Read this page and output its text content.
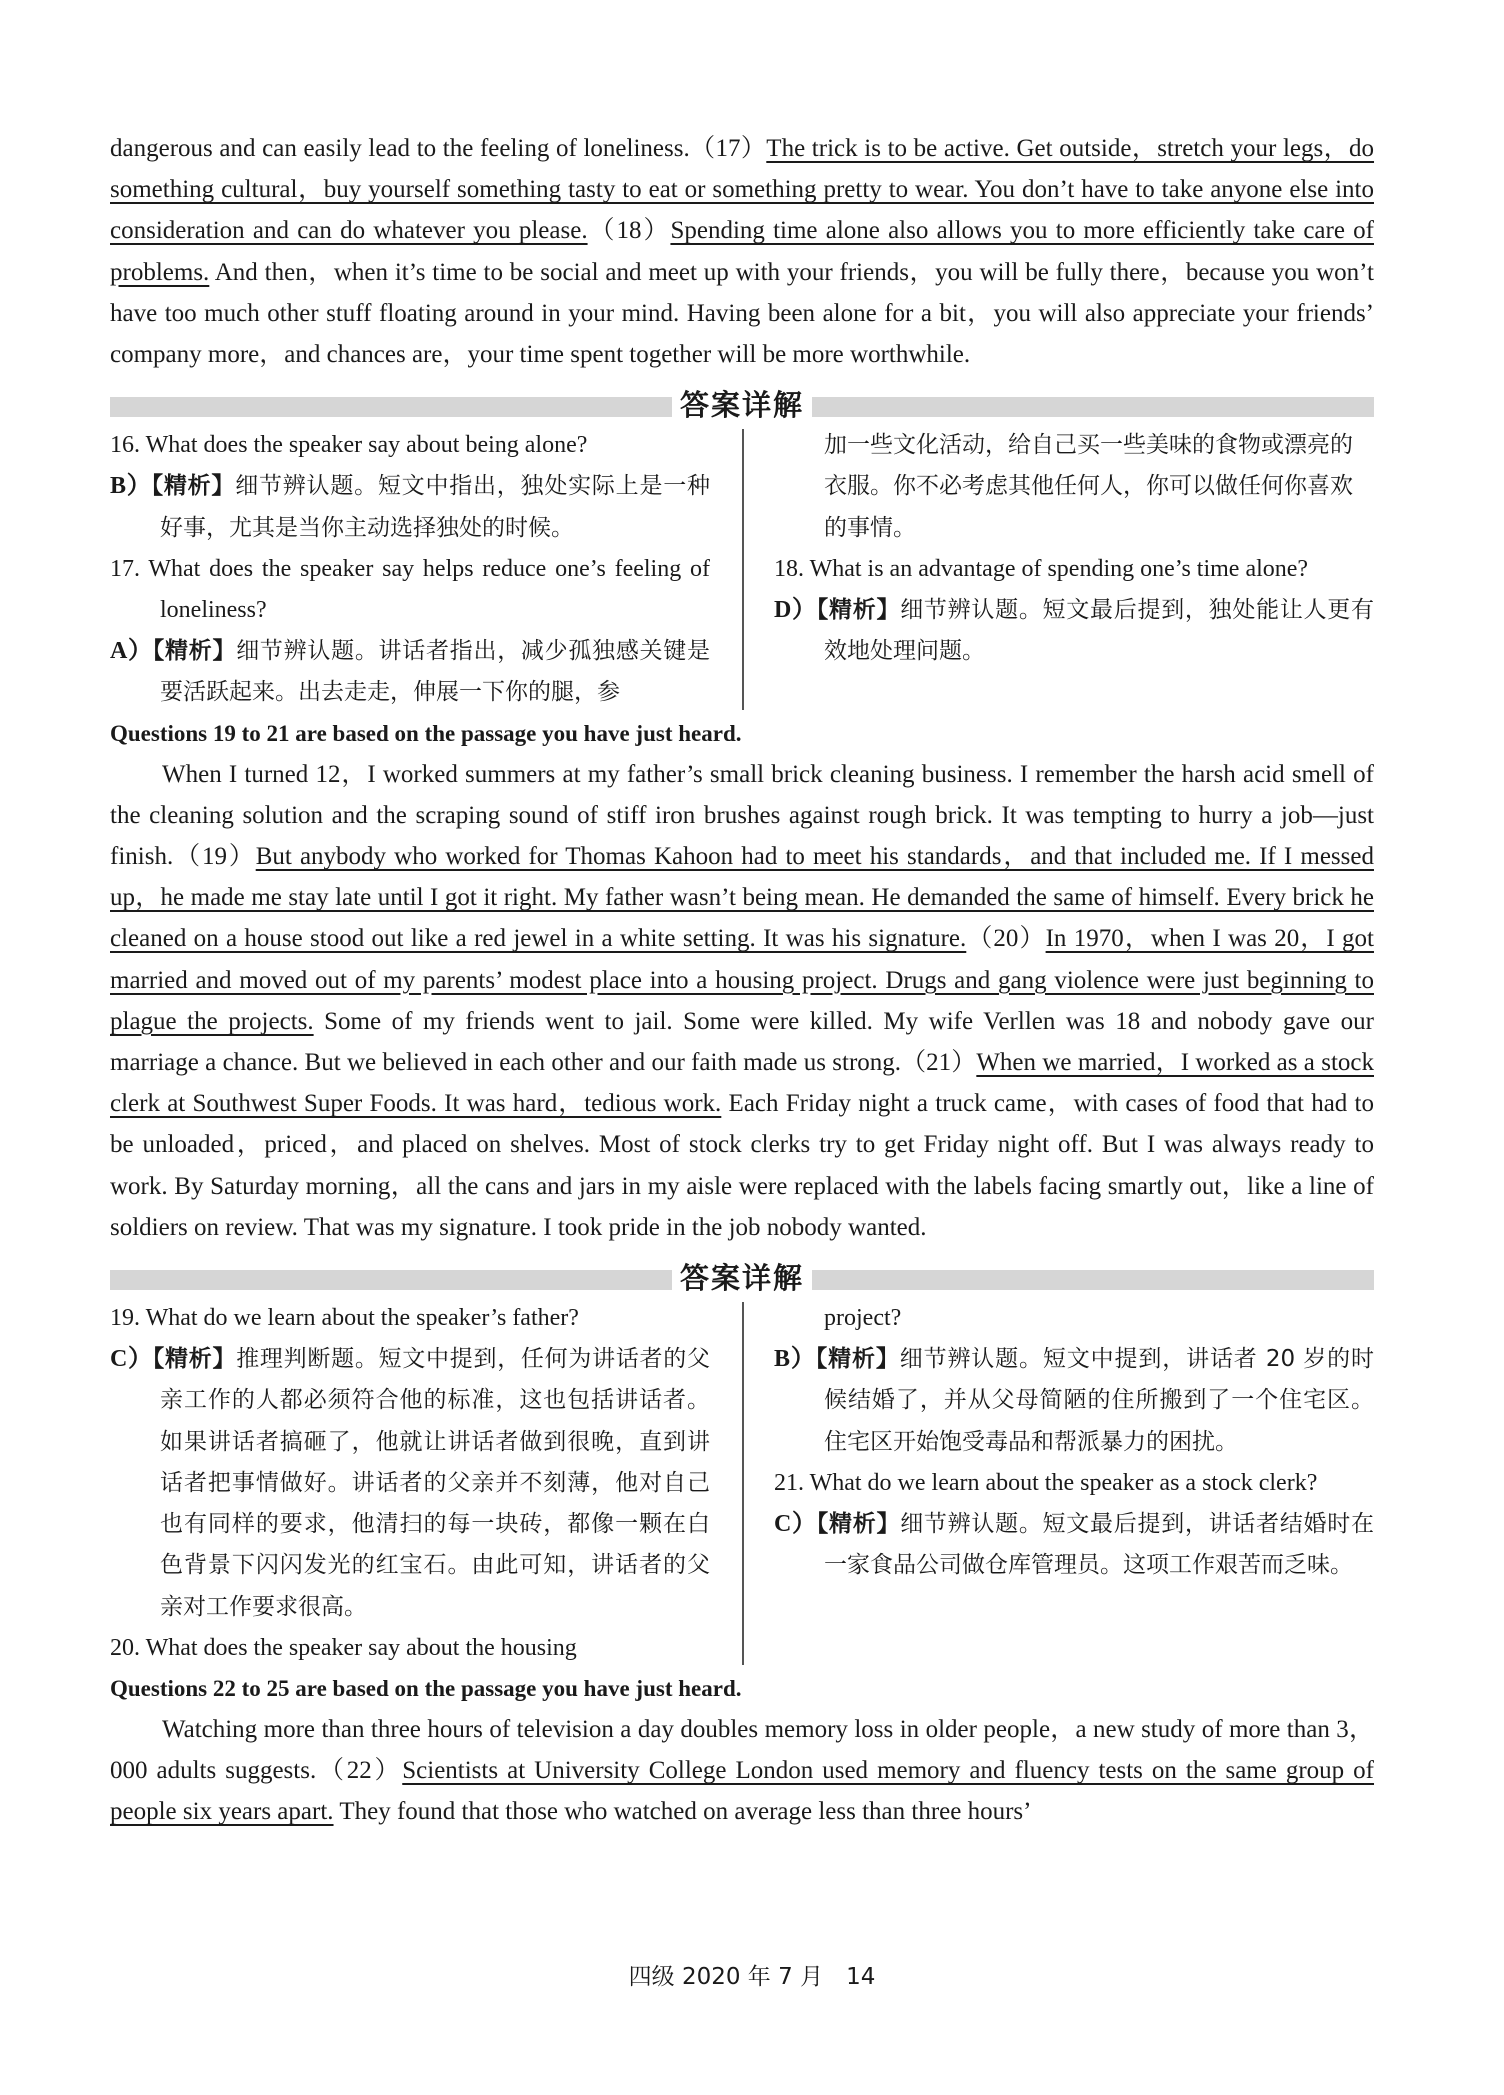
dangerous and can easily lead to the feeling of loneliness.（17）The trick is to be active. Get outside，stretch your legs，do something cultural，buy yourself something tasty to eat or something pretty to wear. You don’t have to take anyone else into consideration and can do whatever you please.（18）Spending time alone also allows you to more efficiently take care of problems. And then，when it’s time to be social and meet up with your friends，you will be fully there，because you won’t have too much other stuff floating around in your mind. Having been alone for a bit，you will also appreciate your friends’ company more，and chances are，your time spent together will be more worthwhile.
答案详解

16. What does the speaker say about being alone?

B）【精析】细节辨认题。短文中指出，独处实际上是一种好事，尤其是当你主动选择独处的时候。

17. What does the speaker say helps reduce one’s feeling of loneliness?

A）【精析】细节辨认题。讲话者指出，减少孤独感关键是要活跃起来。出去走走，伸展一下你的腿，参

加一些文化活动，给自己买一些美味的食物或漂亮的衣服。你不必考虑其他任何人，你可以做任何你喜欢的事情。

18. What is an advantage of spending one’s time alone?

D）【精析】细节辨认题。短文最后提到，独处能让人更有效地处理问题。

Questions 19 to 21 are based on the passage you have just heard.
When I turned 12，I worked summers at my father’s small brick cleaning business. I remember the harsh acid smell of the cleaning solution and the scraping sound of stiff iron brushes against rough brick. It was tempting to hurry a job—just finish.（19）But anybody who worked for Thomas Kahoon had to meet his standards，and that included me. If I messed up，he made me stay late until I got it right. My father wasn’t being mean. He demanded the same of himself. Every brick he cleaned on a house stood out like a red jewel in a white setting. It was his signature.（20）In 1970，when I was 20，I got married and moved out of my parents’ modest place into a housing project. Drugs and gang violence were just beginning to plague the projects. Some of my friends went to jail. Some were killed. My wife Verllen was 18 and nobody gave our marriage a chance. But we believed in each other and our faith made us strong.（21）When we married，I worked as a stock clerk at Southwest Super Foods. It was hard，tedious work. Each Friday night a truck came，with cases of food that had to be unloaded，priced，and placed on shelves. Most of stock clerks try to get Friday night off. But I was always ready to work. By Saturday morning，all the cans and jars in my aisle were replaced with the labels facing smartly out，like a line of soldiers on review. That was my signature. I took pride in the job nobody wanted.
答案详解

19. What do we learn about the speaker’s father?

C）【精析】推理判断题。短文中提到，任何为讲话者的父亲工作的人都必须符合他的标准，这也包括讲话者。如果讲话者搞砸了，他就让讲话者做到很晚，直到讲话者把事情做好。讲话者的父亲并不刻薄，他对自己也有同样的要求，他清扫的每一块砖，都像一颗在白色背景下闪闪发光的红宝石。由此可知，讲话者的父亲对工作要求很高。

20. What does the speaker say about the housing

project?

B）【精析】细节辨认题。短文中提到，讲话者 20 岁的时候结婚了，并从父母简陋的住所搬到了一个住宅区。住宅区开始饱受毒品和帮派暴力的困扰。

21. What do we learn about the speaker as a stock clerk?

C）【精析】细节辨认题。短文最后提到，讲话者结婚时在一家食品公司做仓库管理员。这项工作艰苦而乏味。

Questions 22 to 25 are based on the passage you have just heard.
Watching more than three hours of television a day doubles memory loss in older people，a new study of more than 3，000 adults suggests.（22）Scientists at University College London used memory and fluency tests on the same group of people six years apart. They found that those who watched on average less than three hours’
四级 2020 年 7 月　14
